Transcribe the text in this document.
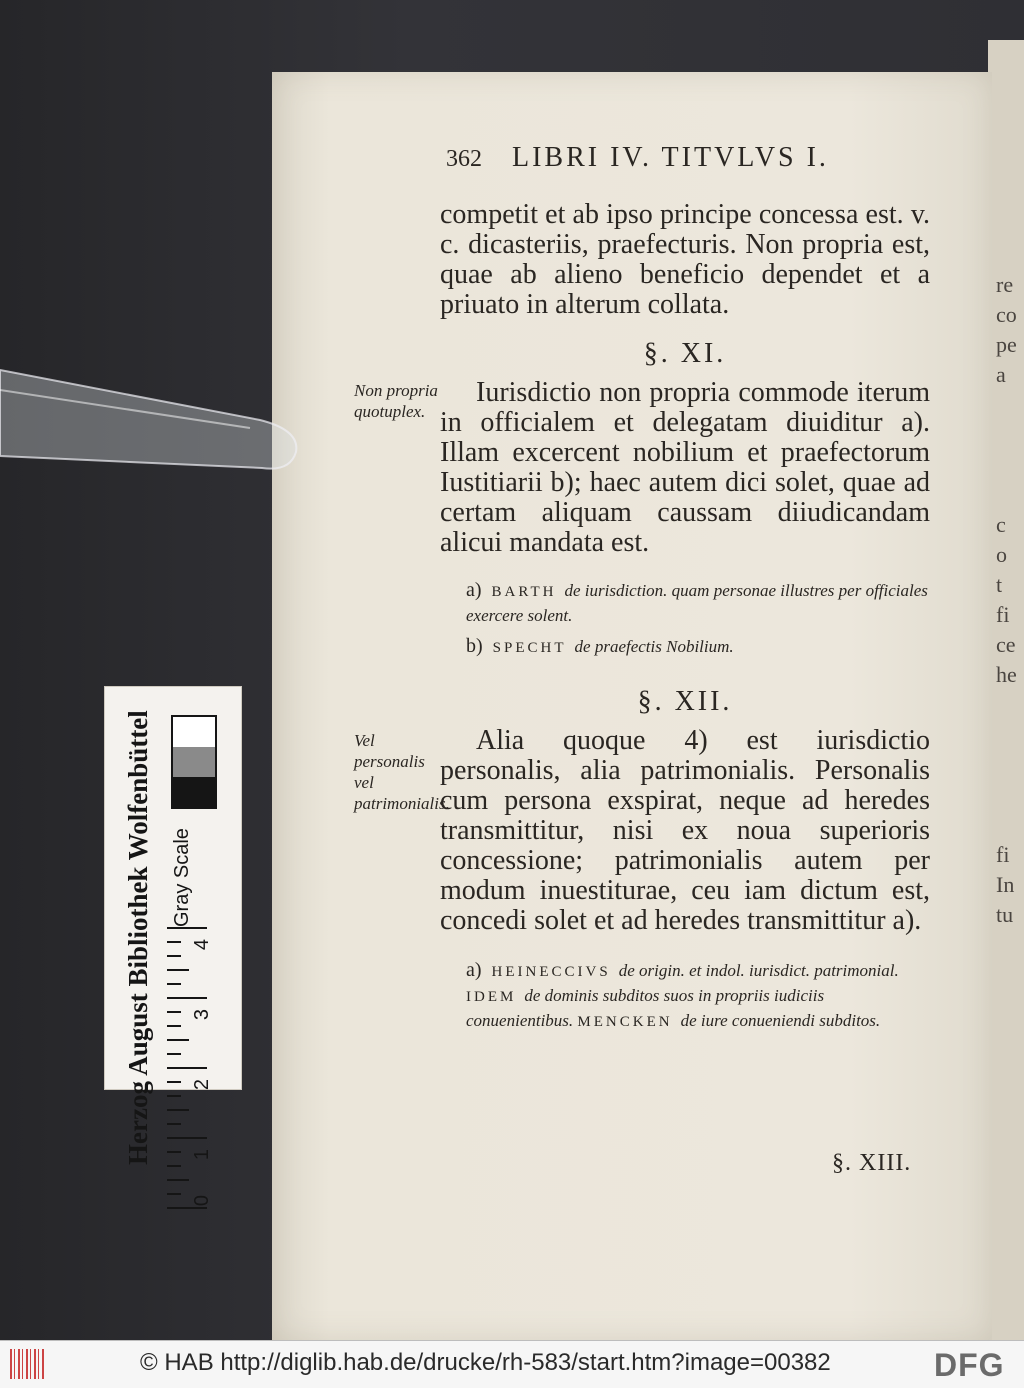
re
co
pe
a
c
o
t
fi
ce
he
fi
In
tu
362 LIBRI IV. TITVLVS I.

competit et ab ipso principe concessa est. v. c. dicasteriis, praefecturis. Non propria est, quae ab alieno beneficio dependet et a priuato in alterum collata.

§. XI.
Non propria quotuplex.

Iurisdictio non propria commode iterum in officialem et delegatam diuiditur a). Illam excercent nobilium et praefectorum Iustitiarii b); haec autem dici solet, quae ad certam aliquam caussam diiudicandam alicui mandata est.

a) BARTH de iurisdiction. quam personae illustres per officiales exercere solent.
b) SPECHT de praefectis Nobilium.
§. XII.
Vel personalis vel patrimonialis.

Alia quoque 4) est iurisdictio personalis, alia patrimonialis. Personalis cum persona exspirat, neque ad heredes transmittitur, nisi ex noua superioris concessione; patrimonialis autem per modum inuestiturae, ceu iam dictum est, concedi solet et ad heredes transmittitur a).

a) HEINECCIVS de origin. et indol. iurisdict. patrimonial. IDEM de dominis subditos suos in propriis iudiciis conuenientibus. MENCKEN de iure conueniendi subditos.
§. XIII.
Herzog August Bibliothek Wolfenbüttel Gray Scale
4
3
2
1
0
© HAB http://diglib.hab.de/drucke/rh-583/start.htm?image=00382	DFG
